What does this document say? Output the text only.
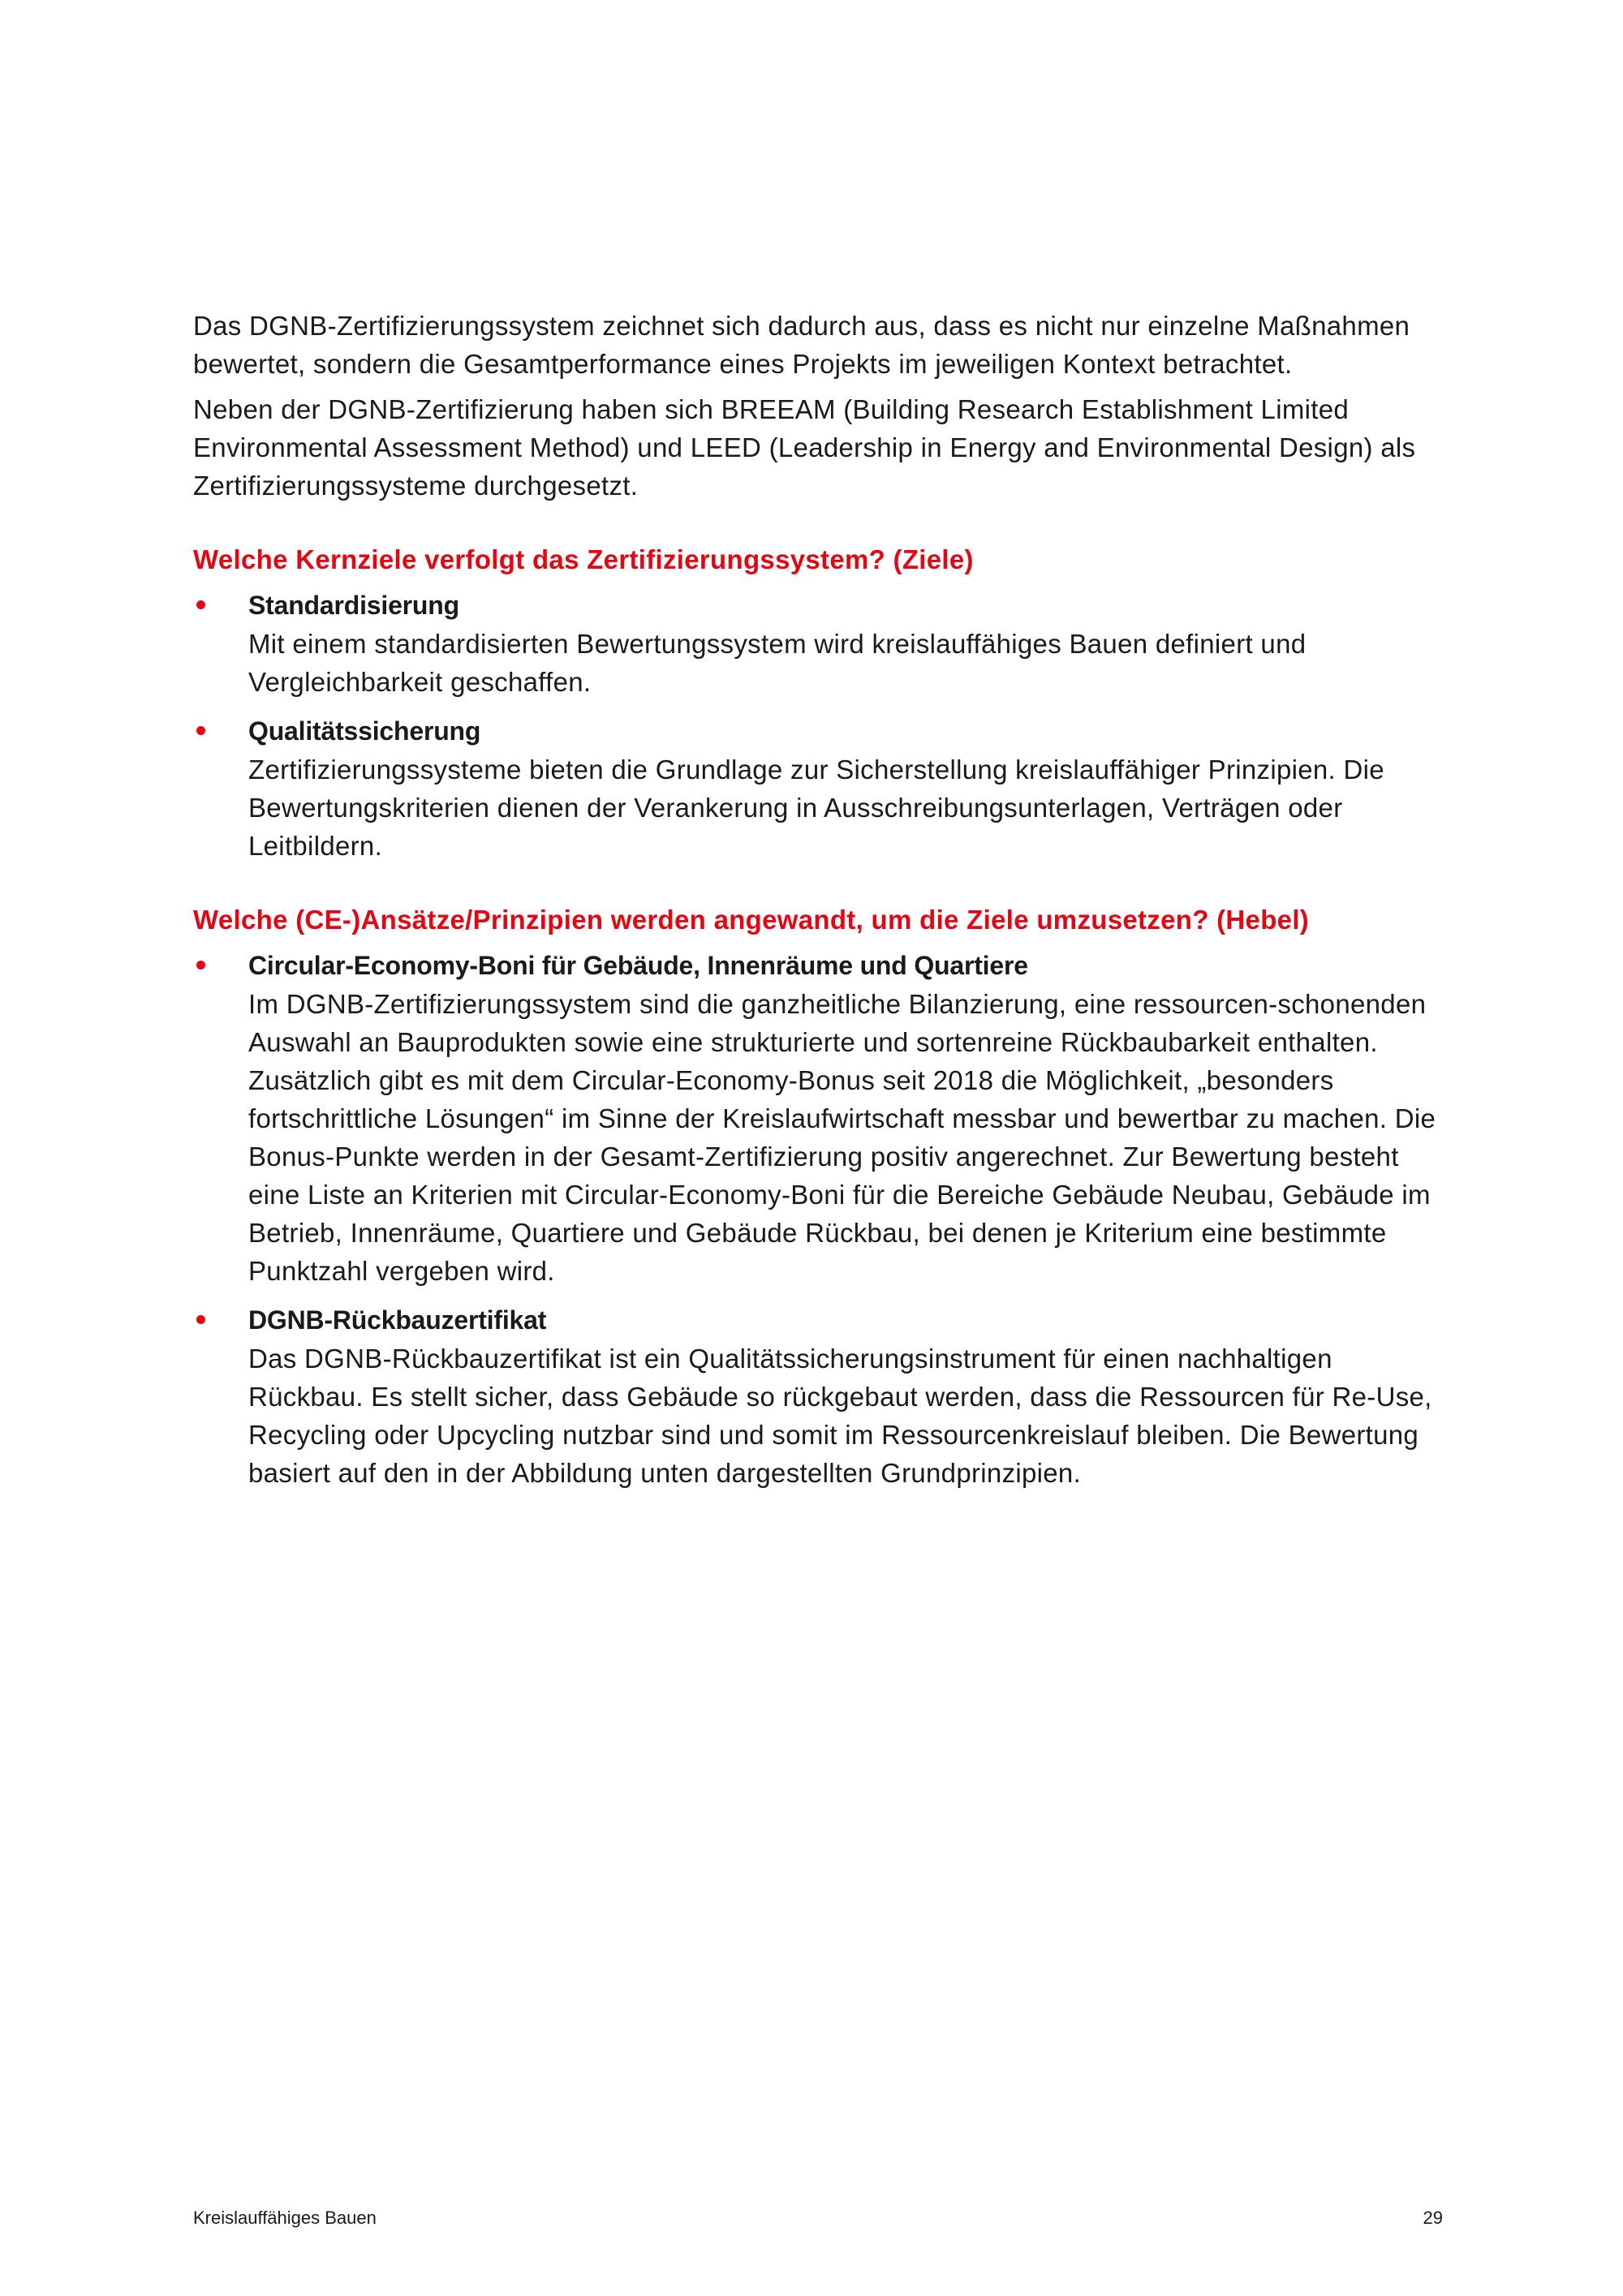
Das DGNB-Zertifizierungssystem zeichnet sich dadurch aus, dass es nicht nur einzelne Maßnahmen bewertet, sondern die Gesamtperformance eines Projekts im jeweiligen Kontext betrachtet.

Neben der DGNB-Zertifizierung haben sich BREEAM (Building Research Establishment Limited Environmental Assessment Method) und LEED (Leadership in Energy and Environmental Design) als Zertifizierungssysteme durchgesetzt.

Welche Kernziele verfolgt das Zertifizierungssystem? (Ziele)
Standardisierung

Mit einem standardisierten Bewertungssystem wird kreislauffähiges Bauen definiert und Vergleichbarkeit geschaffen.

Qualitätssicherung

Zertifizierungssysteme bieten die Grundlage zur Sicherstellung kreislauffähiger Prinzipien. Die Bewertungskriterien dienen der Verankerung in Ausschreibungsunterlagen, Verträgen oder Leitbildern.

Welche (CE-)Ansätze/Prinzipien werden angewandt, um die Ziele umzusetzen? (Hebel)
Circular-Economy-Boni für Gebäude, Innenräume und Quartiere

Im DGNB-Zertifizierungssystem sind die ganzheitliche Bilanzierung, eine ressourcen-schonenden Auswahl an Bauprodukten sowie eine strukturierte und sortenreine Rückbaubarkeit enthalten. Zusätzlich gibt es mit dem Circular-Economy-Bonus seit 2018 die Möglichkeit, „besonders fortschrittliche Lösungen“ im Sinne der Kreislaufwirtschaft messbar und bewertbar zu machen. Die Bonus-Punkte werden in der Gesamt-Zertifizierung positiv angerechnet. Zur Bewertung besteht eine Liste an Kriterien mit Circular-Economy-Boni für die Bereiche Gebäude Neubau, Gebäude im Betrieb, Innenräume, Quartiere und Gebäude Rückbau, bei denen je Kriterium eine bestimmte Punktzahl vergeben wird.

DGNB-Rückbauzertifikat

Das DGNB-Rückbauzertifikat ist ein Qualitätssicherungsinstrument für einen nachhaltigen Rückbau. Es stellt sicher, dass Gebäude so rückgebaut werden, dass die Ressourcen für Re-Use, Recycling oder Upcycling nutzbar sind und somit im Ressourcenkreislauf bleiben. Die Bewertung basiert auf den in der Abbildung unten dargestellten Grundprinzipien.

Kreislauffähiges Bauen	29
